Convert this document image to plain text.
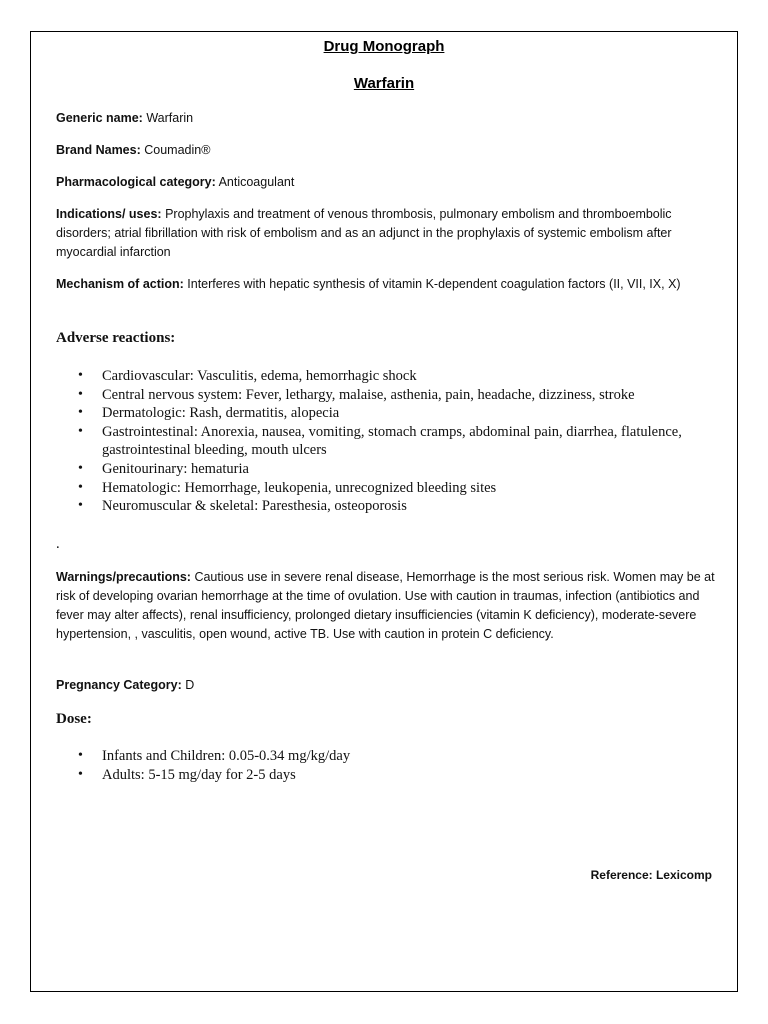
Drug Monograph
Warfarin

Generic name: Warfarin

Brand Names: Coumadin®

Pharmacological category: Anticoagulant

Indications/ uses: Prophylaxis and treatment of venous thrombosis, pulmonary embolism and thromboembolic disorders; atrial fibrillation with risk of embolism and as an adjunct in the prophylaxis of systemic embolism after myocardial infarction

Mechanism of action: Interferes with hepatic synthesis of vitamin K-dependent coagulation factors (II, VII, IX, X)

Adverse reactions:

• Cardiovascular: Vasculitis, edema, hemorrhagic shock
• Central nervous system: Fever, lethargy, malaise, asthenia, pain, headache, dizziness, stroke
• Dermatologic: Rash, dermatitis, alopecia
• Gastrointestinal: Anorexia, nausea, vomiting, stomach cramps, abdominal pain, diarrhea, flatulence, gastrointestinal bleeding, mouth ulcers
• Genitourinary: hematuria
• Hematologic: Hemorrhage, leukopenia, unrecognized bleeding sites
• Neuromuscular & skeletal: Paresthesia, osteoporosis
.

Warnings/precautions: Cautious use in severe renal disease, Hemorrhage is the most serious risk. Women may be at risk of developing ovarian hemorrhage at the time of ovulation. Use with caution in traumas, infection (antibiotics and fever may alter affects), renal insufficiency, prolonged dietary insufficiencies (vitamin K deficiency), moderate-severe hypertension, , vasculitis, open wound, active TB. Use with caution in protein C deficiency.

Pregnancy Category: D

Dose:

• Infants and Children: 0.05-0.34 mg/kg/day
• Adults: 5-15 mg/day for 2-5 days
Reference: Lexicomp
